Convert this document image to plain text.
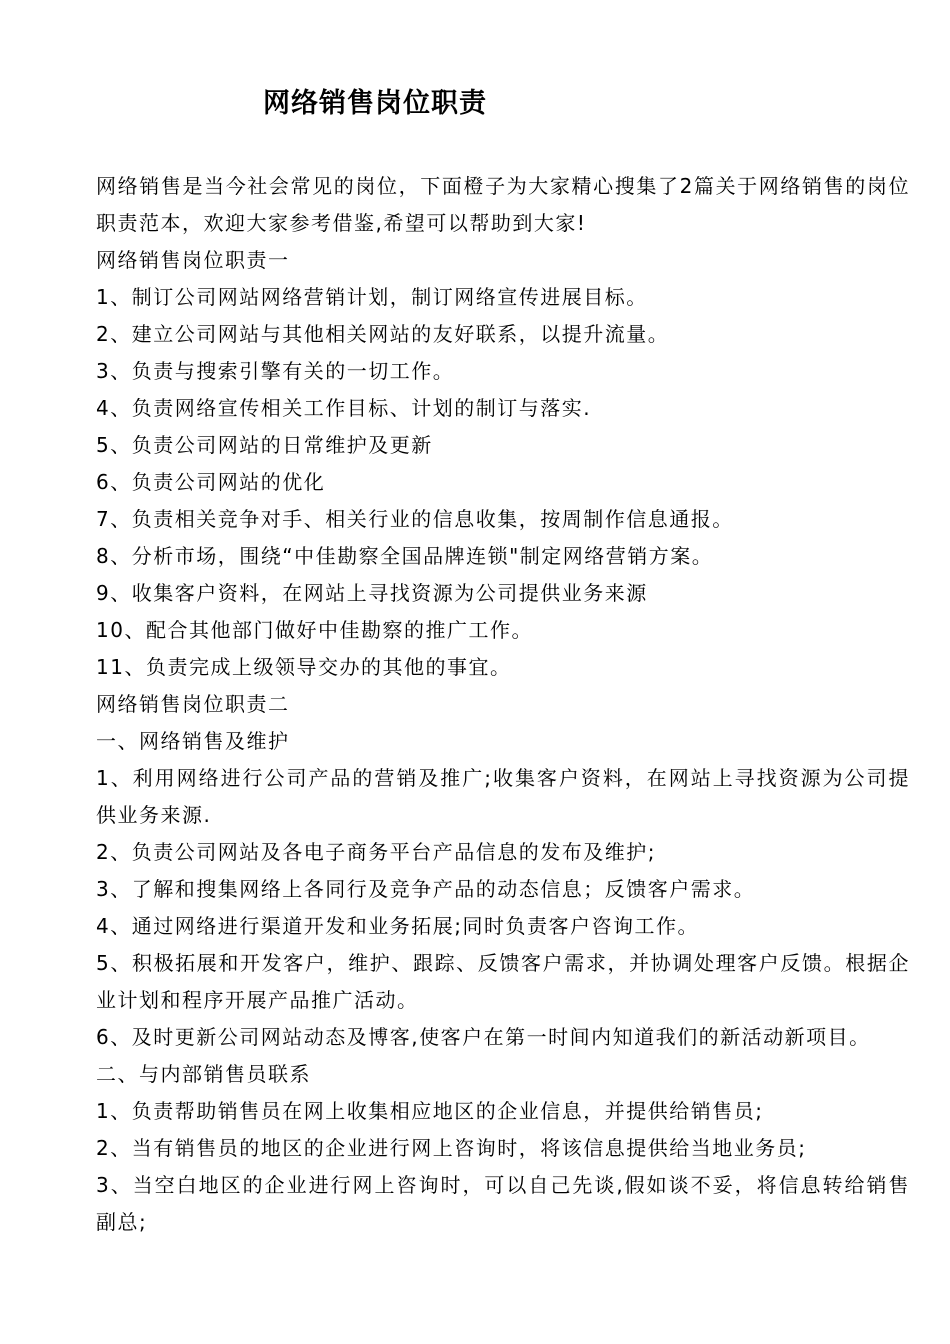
网络销售岗位职责

网络销售是当今社会常见的岗位，下面橙子为大家精心搜集了2篇关于网络销售的岗位职责范本，欢迎大家参考借鉴,希望可以帮助到大家!

网络销售岗位职责一

1、制订公司网站网络营销计划，制订网络宣传进展目标。

2、建立公司网站与其他相关网站的友好联系，以提升流量。

3、负责与搜索引擎有关的一切工作。

4、负责网络宣传相关工作目标、计划的制订与落实.

5、负责公司网站的日常维护及更新

6、负责公司网站的优化

7、负责相关竞争对手、相关行业的信息收集，按周制作信息通报。

8、分析市场，围绕“中佳勘察全国品牌连锁"制定网络营销方案。

9、收集客户资料，在网站上寻找资源为公司提供业务来源

10、配合其他部门做好中佳勘察的推广工作。

11、负责完成上级领导交办的其他的事宜。

网络销售岗位职责二

一、网络销售及维护

1、利用网络进行公司产品的营销及推广;收集客户资料，在网站上寻找资源为公司提供业务来源.

2、负责公司网站及各电子商务平台产品信息的发布及维护;

3、了解和搜集网络上各同行及竞争产品的动态信息；反馈客户需求。

4、通过网络进行渠道开发和业务拓展;同时负责客户咨询工作。

5、积极拓展和开发客户，维护、跟踪、反馈客户需求，并协调处理客户反馈。根据企业计划和程序开展产品推广活动。

6、及时更新公司网站动态及博客,使客户在第一时间内知道我们的新活动新项目。

二、与内部销售员联系

1、负责帮助销售员在网上收集相应地区的企业信息，并提供给销售员;

2、当有销售员的地区的企业进行网上咨询时，将该信息提供给当地业务员;

3、当空白地区的企业进行网上咨询时，可以自己先谈,假如谈不妥，将信息转给销售副总;
